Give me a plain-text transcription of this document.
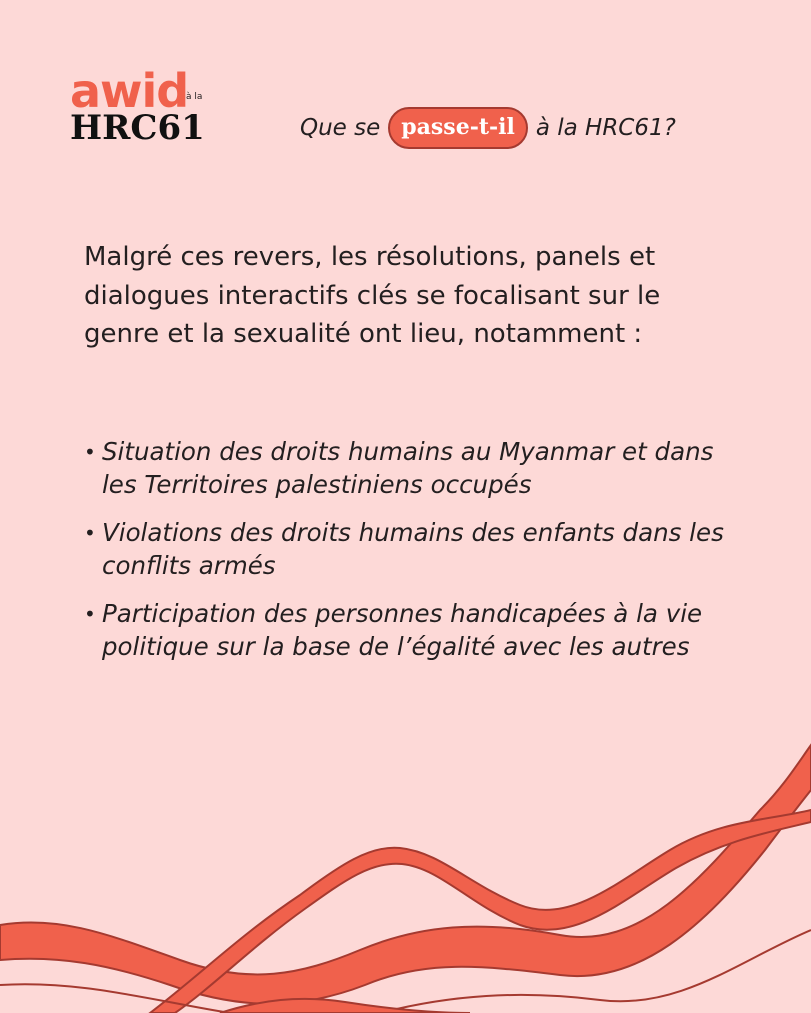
awid
à la
HRC61	Que se passe-t-il à la HRC61?

Malgré ces revers, les résolutions, panels et dialogues interactifs clés se focalisant sur le genre et la sexualité ont lieu, notamment :

• Situation des droits humains au Myanmar et dans les Territoires palestiniens occupés
• Violations des droits humains des enfants dans les conflits armés
• Participation des personnes handicapées à la vie politique sur la base de l’égalité avec les autres
